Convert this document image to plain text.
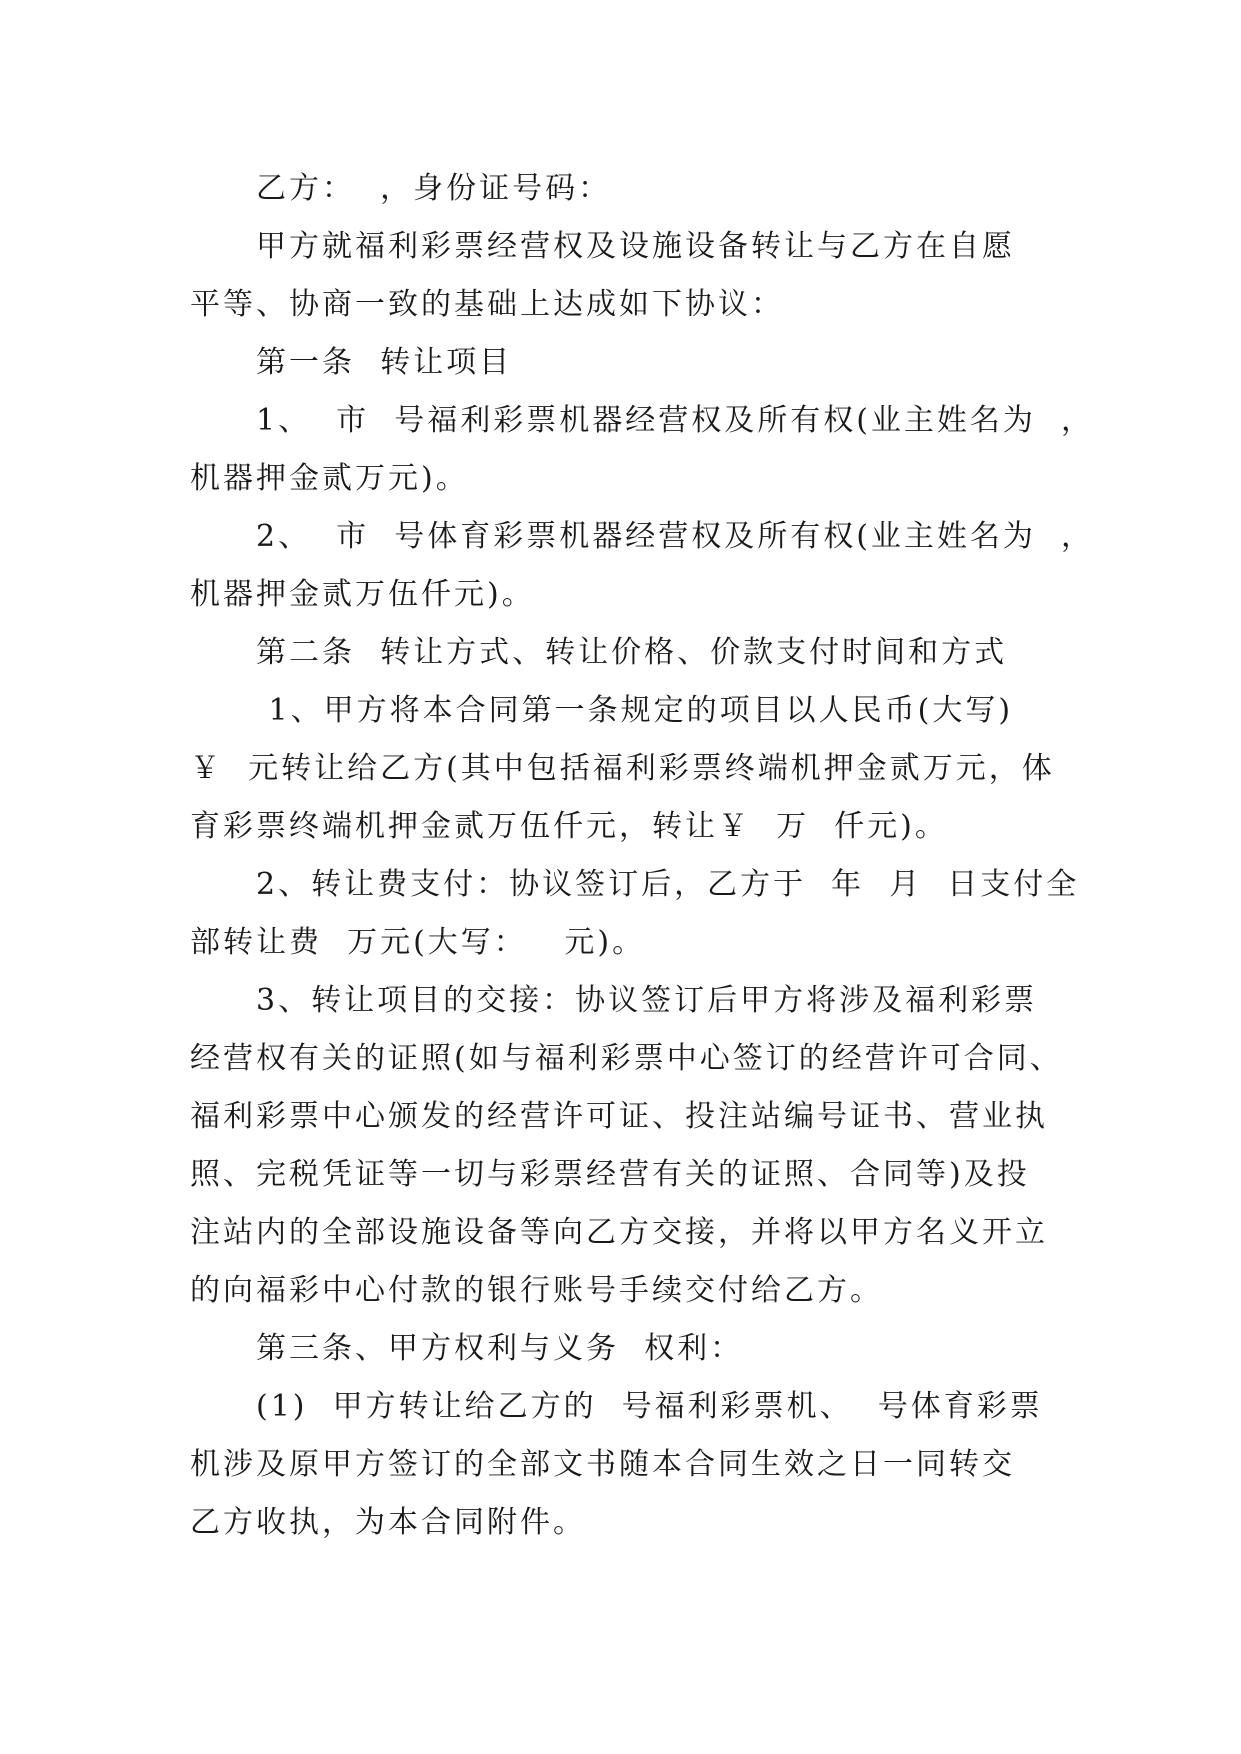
乙方：  ，身份证号码：
甲方就福利彩票经营权及设施设备转让与乙方在自愿
平等、协商一致的基础上达成如下协议：
第一条  转让项目
1、  市  号福利彩票机器经营权及所有权(业主姓名为  ，
机器押金贰万元)。
2、  市  号体育彩票机器经营权及所有权(业主姓名为  ，
机器押金贰万伍仟元)。
第二条  转让方式、转让价格、价款支付时间和方式
1、甲方将本合同第一条规定的项目以人民币(大写)
￥  元转让给乙方(其中包括福利彩票终端机押金贰万元，体
育彩票终端机押金贰万伍仟元，转让￥  万  仟元)。
2、转让费支付：协议签订后，乙方于  年  月  日支付全
部转让费  万元(大写：   元)。
3、转让项目的交接：协议签订后甲方将涉及福利彩票
经营权有关的证照(如与福利彩票中心签订的经营许可合同、
福利彩票中心颁发的经营许可证、投注站编号证书、营业执
照、完税凭证等一切与彩票经营有关的证照、合同等)及投
注站内的全部设施设备等向乙方交接，并将以甲方名义开立
的向福彩中心付款的银行账号手续交付给乙方。
第三条、甲方权利与义务  权利：
(1)  甲方转让给乙方的  号福利彩票机、  号体育彩票
机涉及原甲方签订的全部文书随本合同生效之日一同转交
乙方收执，为本合同附件。
